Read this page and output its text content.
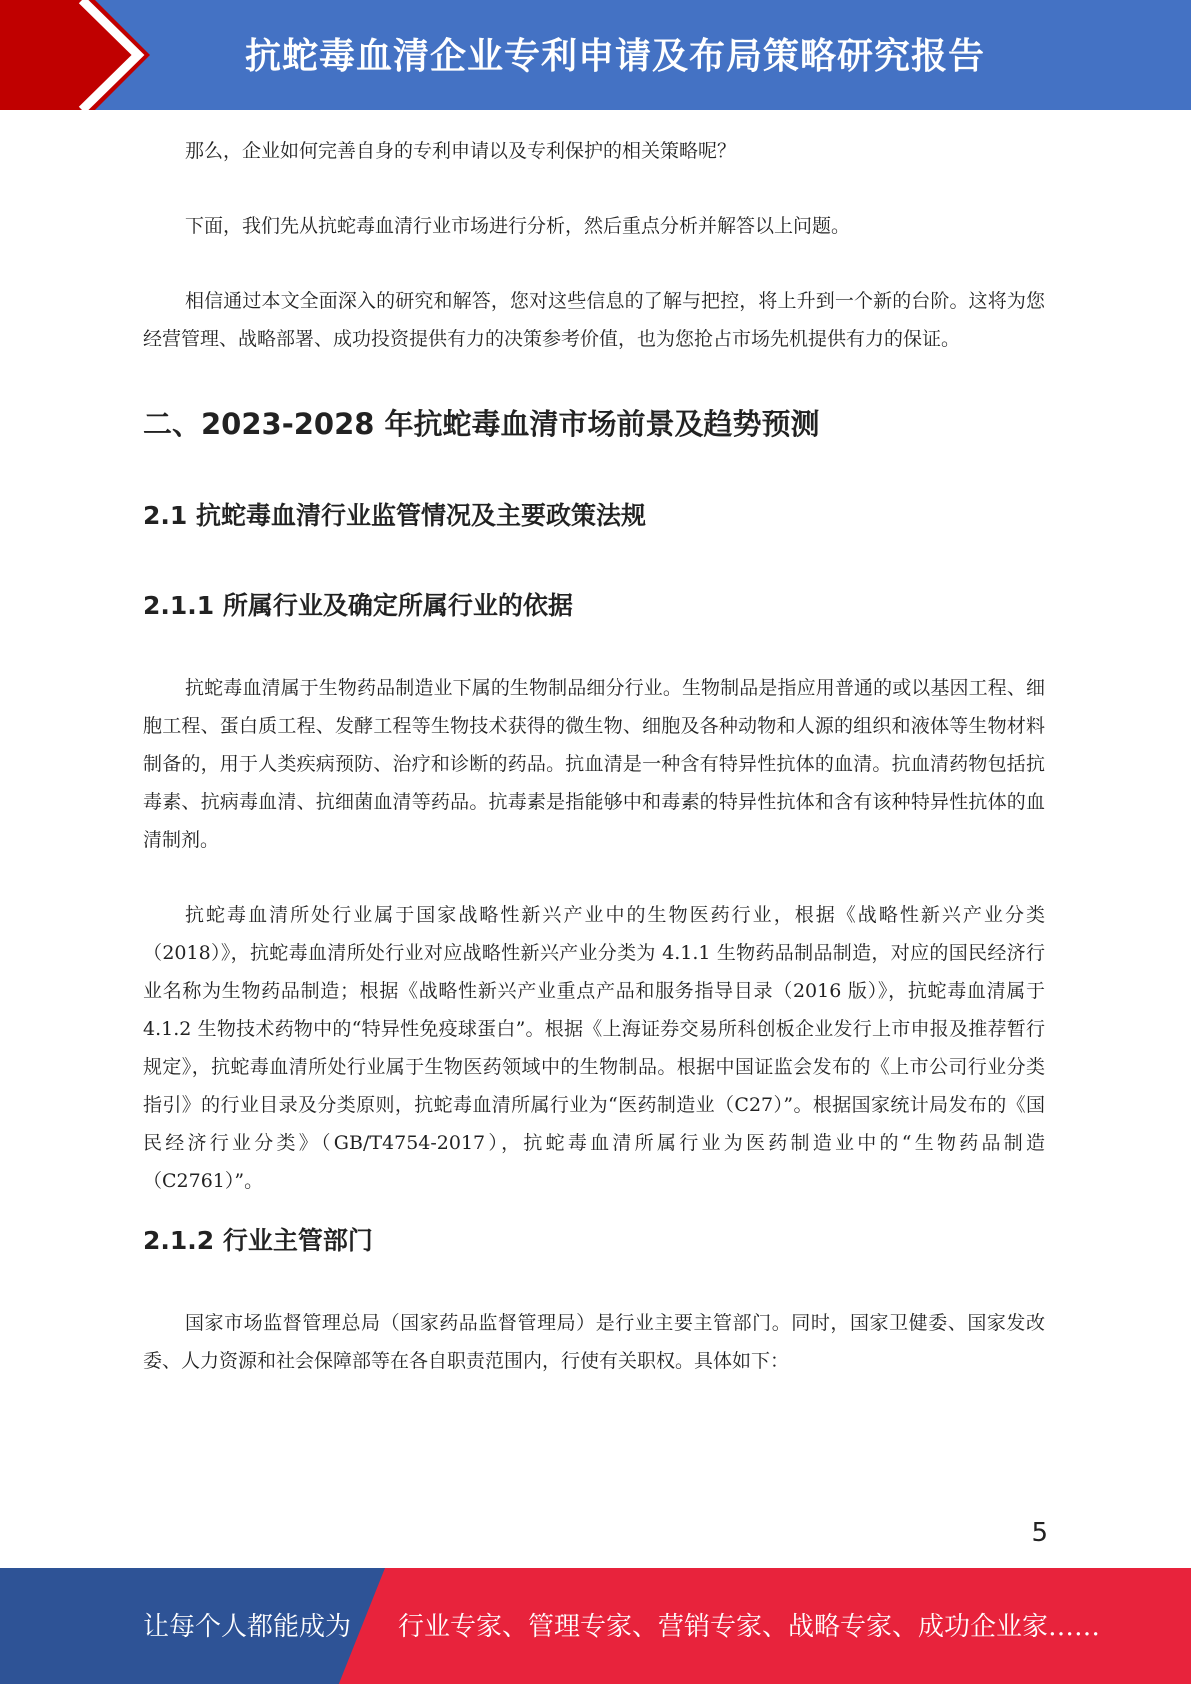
抗蛇毒血清企业专利申请及布局策略研究报告

那么，企业如何完善自身的专利申请以及专利保护的相关策略呢？

下面，我们先从抗蛇毒血清行业市场进行分析，然后重点分析并解答以上问题。

相信通过本文全面深入的研究和解答，您对这些信息的了解与把控，将上升到一个新的台阶。这将为您经营管理、战略部署、成功投资提供有力的决策参考价值，也为您抢占市场先机提供有力的保证。

二、2023-2028 年抗蛇毒血清市场前景及趋势预测
2.1 抗蛇毒血清行业监管情况及主要政策法规
2.1.1 所属行业及确定所属行业的依据

抗蛇毒血清属于生物药品制造业下属的生物制品细分行业。生物制品是指应用普通的或以基因工程、细胞工程、蛋白质工程、发酵工程等生物技术获得的微生物、细胞及各种动物和人源的组织和液体等生物材料制备的，用于人类疾病预防、治疗和诊断的药品。抗血清是一种含有特异性抗体的血清。抗血清药物包括抗毒素、抗病毒血清、抗细菌血清等药品。抗毒素是指能够中和毒素的特异性抗体和含有该种特异性抗体的血清制剂。

抗蛇毒血清所处行业属于国家战略性新兴产业中的生物医药行业，根据《战略性新兴产业分类（2018）》，抗蛇毒血清所处行业对应战略性新兴产业分类为 4.1.1 生物药品制品制造，对应的国民经济行业名称为生物药品制造；根据《战略性新兴产业重点产品和服务指导目录（2016 版）》，抗蛇毒血清属于 4.1.2 生物技术药物中的“特异性免疫球蛋白”。根据《上海证券交易所科创板企业发行上市申报及推荐暂行规定》，抗蛇毒血清所处行业属于生物医药领域中的生物制品。根据中国证监会发布的《上市公司行业分类指引》的行业目录及分类原则，抗蛇毒血清所属行业为“医药制造业（C27）”。根据国家统计局发布的《国民经济行业分类》（GB/T4754-2017），抗蛇毒血清所属行业为医药制造业中的“生物药品制造（C2761）”。

2.1.2 行业主管部门

国家市场监督管理总局（国家药品监督管理局）是行业主要主管部门。同时，国家卫健委、国家发改委、人力资源和社会保障部等在各自职责范围内，行使有关职权。具体如下：

5
让每个人都能成为 行业专家、管理专家、营销专家、战略专家、成功企业家……
